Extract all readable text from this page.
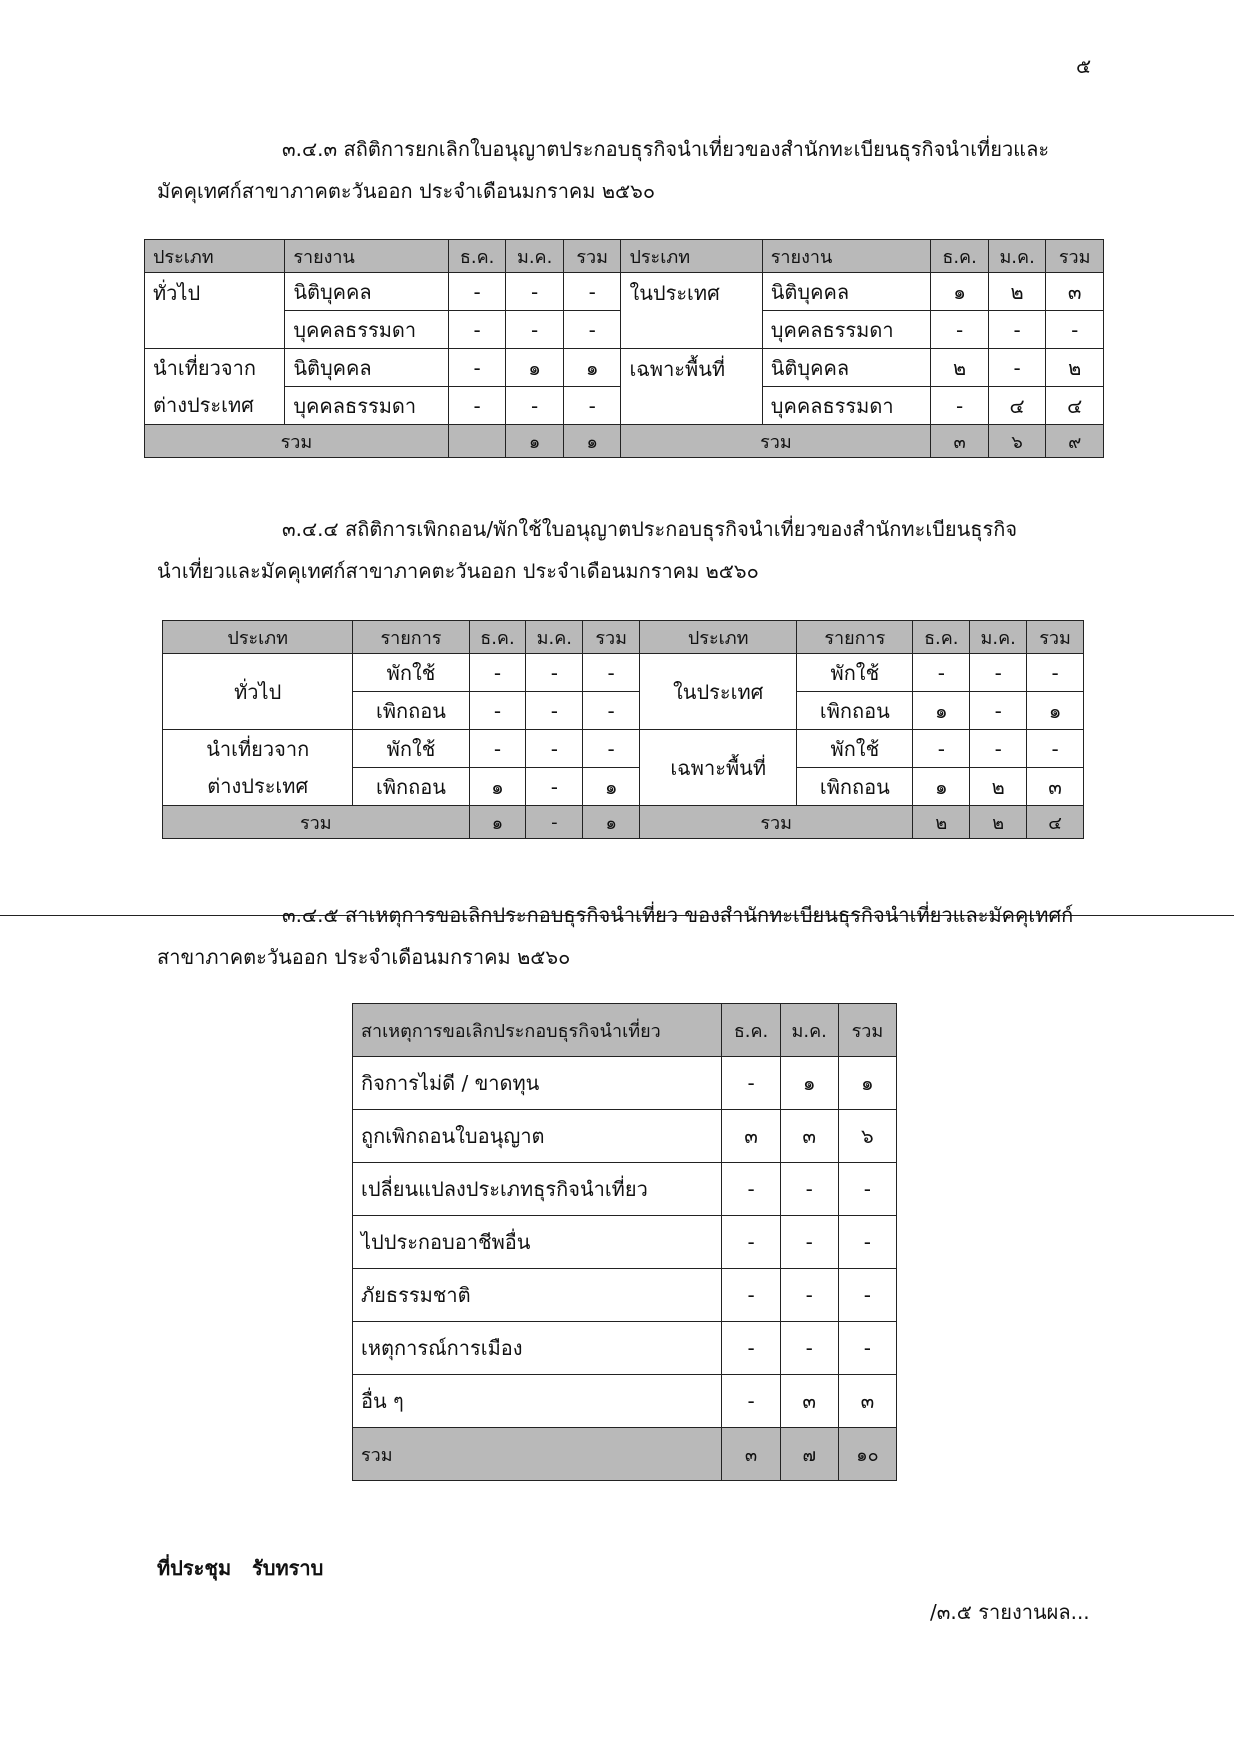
๕
๓.๔.๓ สถิติการยกเลิกใบอนุญาตประกอบธุรกิจนำเที่ยวของสำนักทะเบียนธุรกิจนำเที่ยวและ
มัคคุเทศก์สาขาภาคตะวันออก ประจำเดือนมกราคม ๒๕๖๐
ประเภท	รายงาน	ธ.ค.	ม.ค.	รวม	ประเภท	รายงาน	ธ.ค.	ม.ค.	รวม
ทั่วไป	นิติบุคคล	-	-	-	ในประเทศ	นิติบุคคล	๑	๒	๓
	บุคคลธรรมดา	-	-	-		บุคคลธรรมดา	-	-	-
นำเที่ยวจาก	นิติบุคคล	-	๑	๑	เฉพาะพื้นที่	นิติบุคคล	๒	-	๒
ต่างประเทศ	บุคคลธรรมดา	-	-	-		บุคคลธรรมดา	-	๔	๔
รวม			๑	๑	รวม		๓	๖	๙
๓.๔.๔ สถิติการเพิกถอน/พักใช้ใบอนุญาตประกอบธุรกิจนำเที่ยวของสำนักทะเบียนธุรกิจ
นำเที่ยวและมัคคุเทศก์สาขาภาคตะวันออก ประจำเดือนมกราคม ๒๕๖๐
ประเภท	รายการ	ธ.ค.	ม.ค.	รวม	ประเภท	รายการ	ธ.ค.	ม.ค.	รวม
ทั่วไป	พักใช้	-	-	-	ในประเทศ	พักใช้	-	-	-
	เพิกถอน	-	-	-		เพิกถอน	๑	-	๑
นำเที่ยวจาก	พักใช้	-	-	-	เฉพาะพื้นที่	พักใช้	-	-	-
ต่างประเทศ	เพิกถอน	๑	-	๑		เพิกถอน	๑	๒	๓
รวม		๑	-	๑	รวม		๒	๒	๔
๓.๔.๕ สาเหตุการขอเลิกประกอบธุรกิจนำเที่ยว ของสำนักทะเบียนธุรกิจนำเที่ยวและมัคคุเทศก์
สาขาภาคตะวันออก ประจำเดือนมกราคม ๒๕๖๐
สาเหตุการขอเลิกประกอบธุรกิจนำเที่ยว	ธ.ค.	ม.ค.	รวม
กิจการไม่ดี / ขาดทุน	-	๑	๑
ถูกเพิกถอนใบอนุญาต	๓	๓	๖
เปลี่ยนแปลงประเภทธุรกิจนำเที่ยว	-	-	-
ไปประกอบอาชีพอื่น	-	-	-
ภัยธรรมชาติ	-	-	-
เหตุการณ์การเมือง	-	-	-
อื่น ๆ	-	๓	๓
รวม	๓	๗	๑๐
ที่ประชุม   รับทราบ
/๓.๕ รายงานผล...
